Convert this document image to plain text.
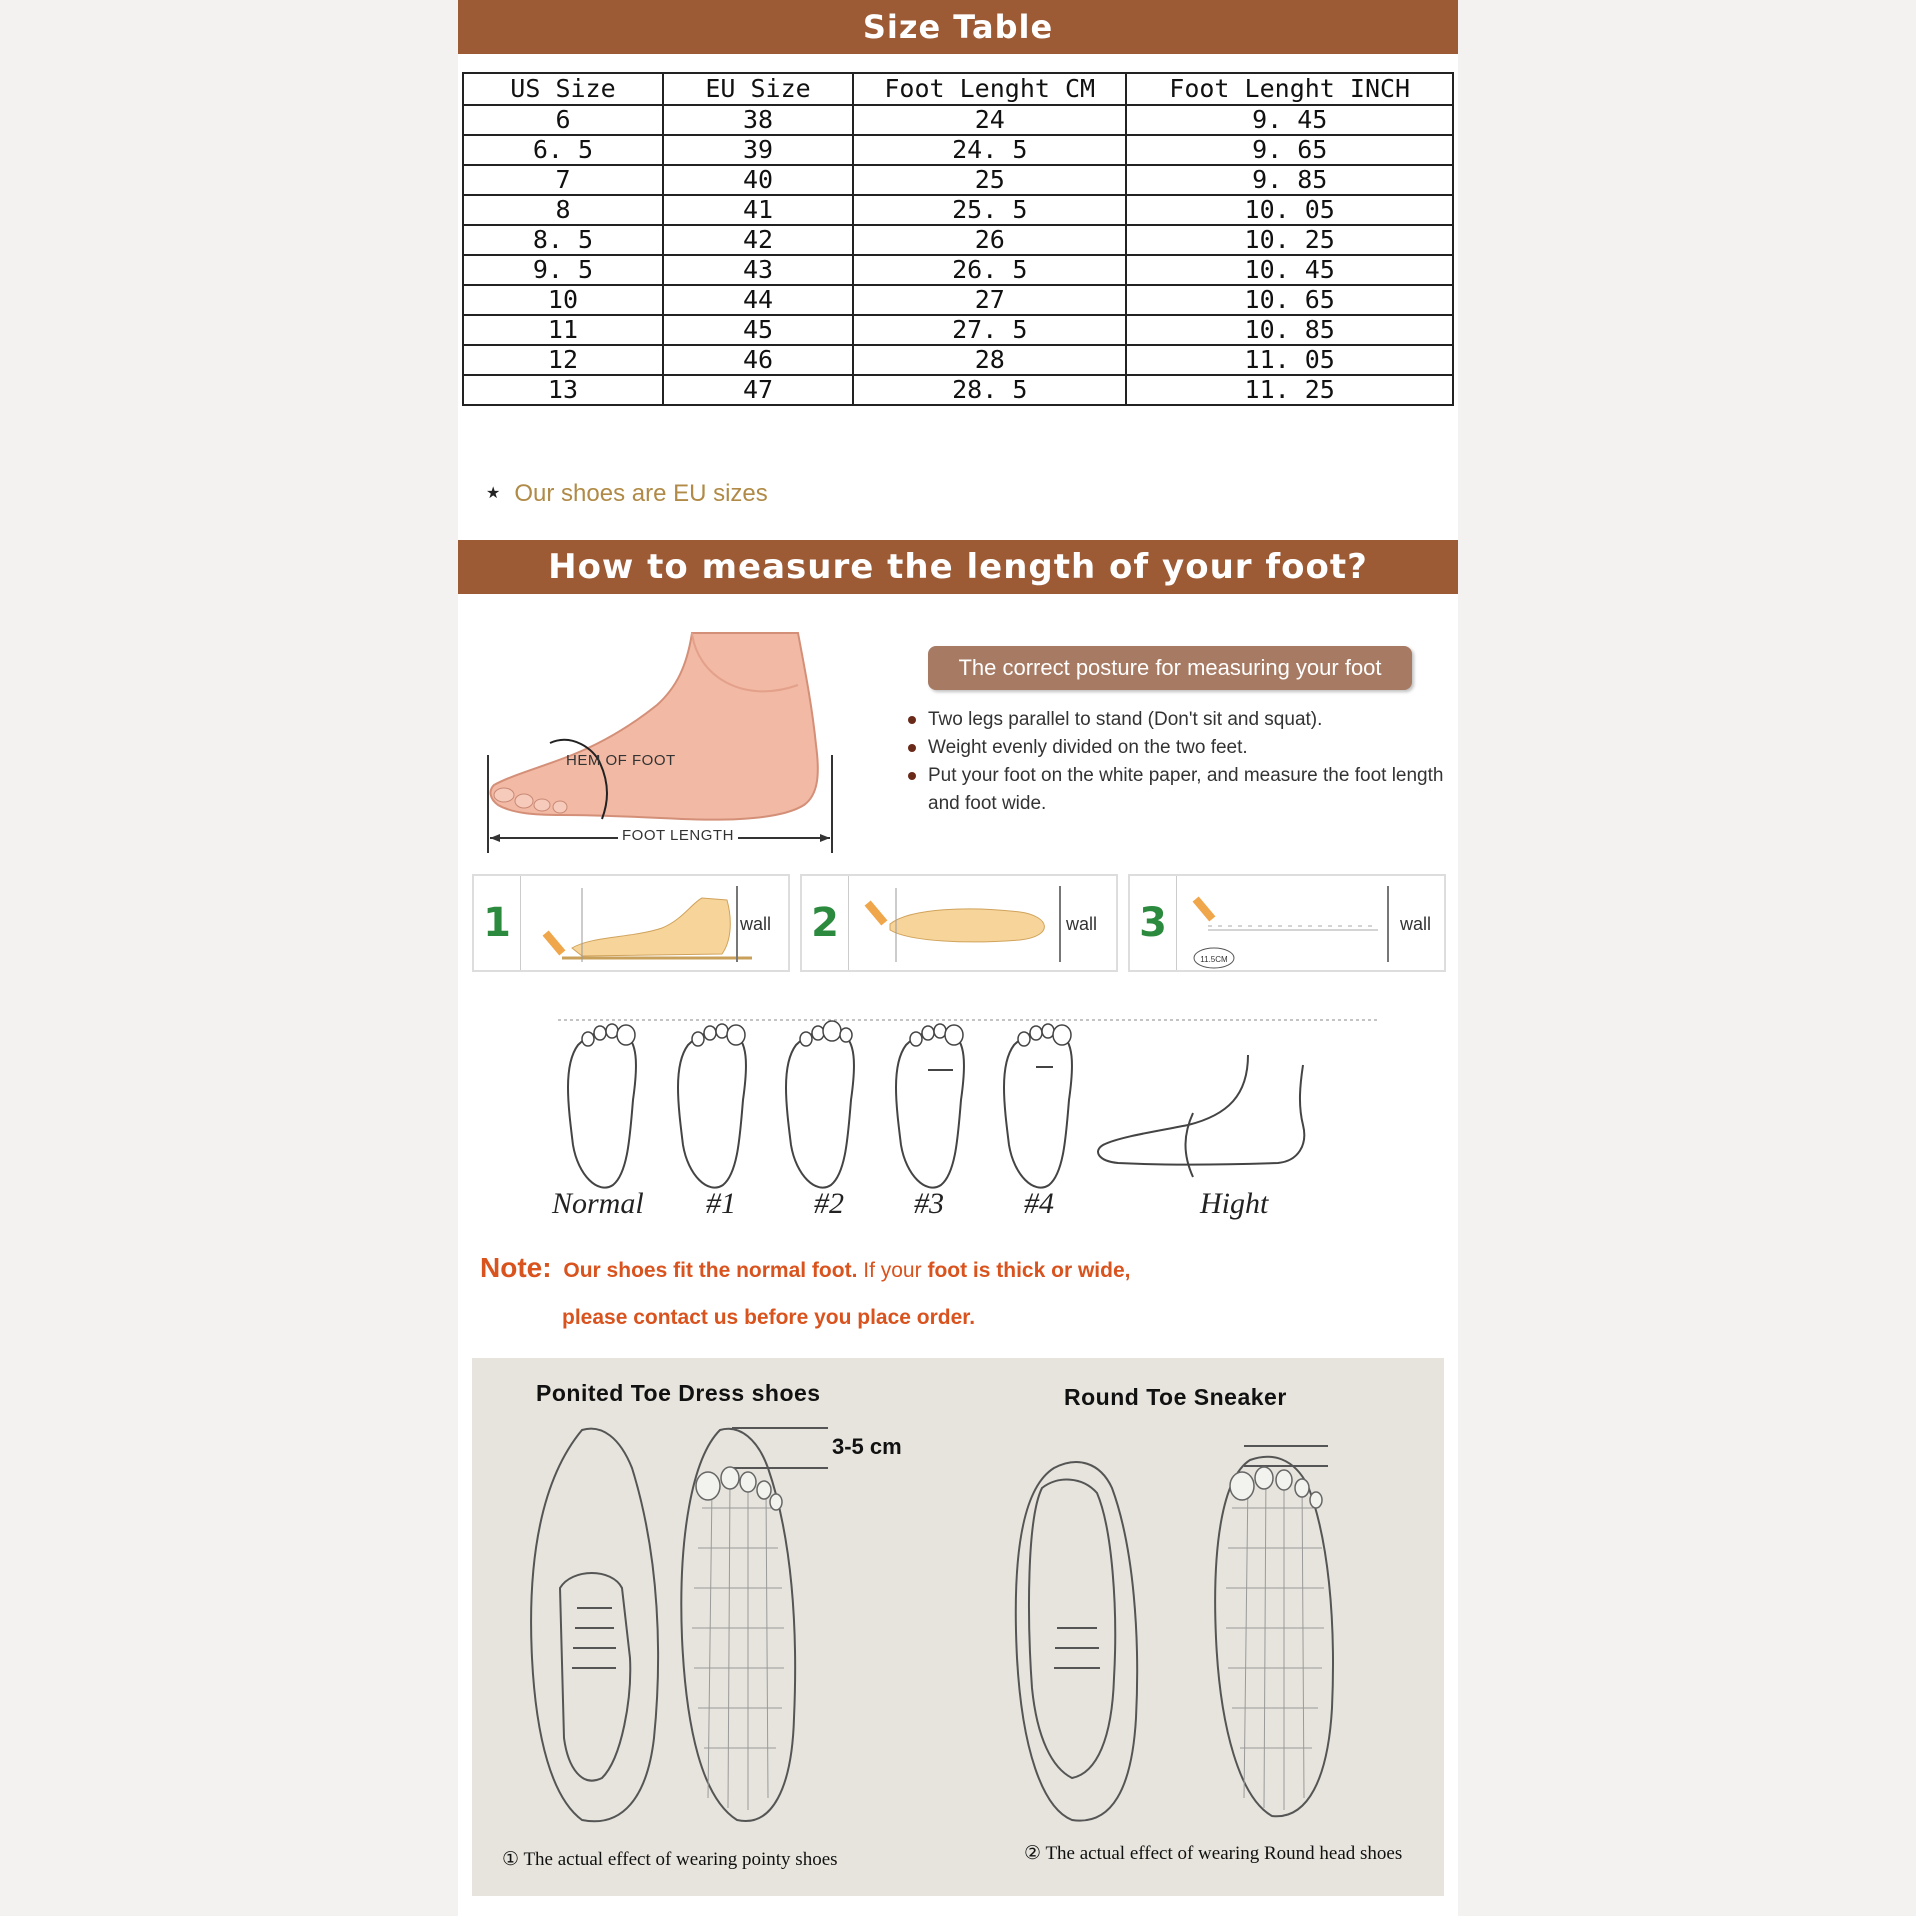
Size Table
US Size	EU Size	Foot Lenght CM	Foot Lenght INCH
6	38	24	9. 45
6. 5	39	24. 5	9. 65
7	40	25	9. 85
8	41	25. 5	10. 05
8. 5	42	26	10. 25
9. 5	43	26. 5	10. 45
10	44	27	10. 65
11	45	27. 5	10. 85
12	46	28	11. 05
13	47	28. 5	11. 25
★ Our shoes are EU sizes
How to measure the length of your foot?
HEM OF FOOT
FOOT LENGTH
The correct posture for measuring your foot
Two legs parallel to stand (Don't sit and squat).
Weight evenly divided on the two feet.
Put your foot on the white paper, and measure the foot length and foot wide.
1	wall 2	wall 3
11.5CM
wall
Normal #1	#2 #3	#4	Hight
Note: Our shoes fit the normal foot. If your foot is thick or wide,
please contact us before you place order.
Ponited Toe Dress shoes
3-5 cm
Round Toe Sneaker
① The actual effect of wearing pointy shoes	② The actual effect of wearing Round head shoes
